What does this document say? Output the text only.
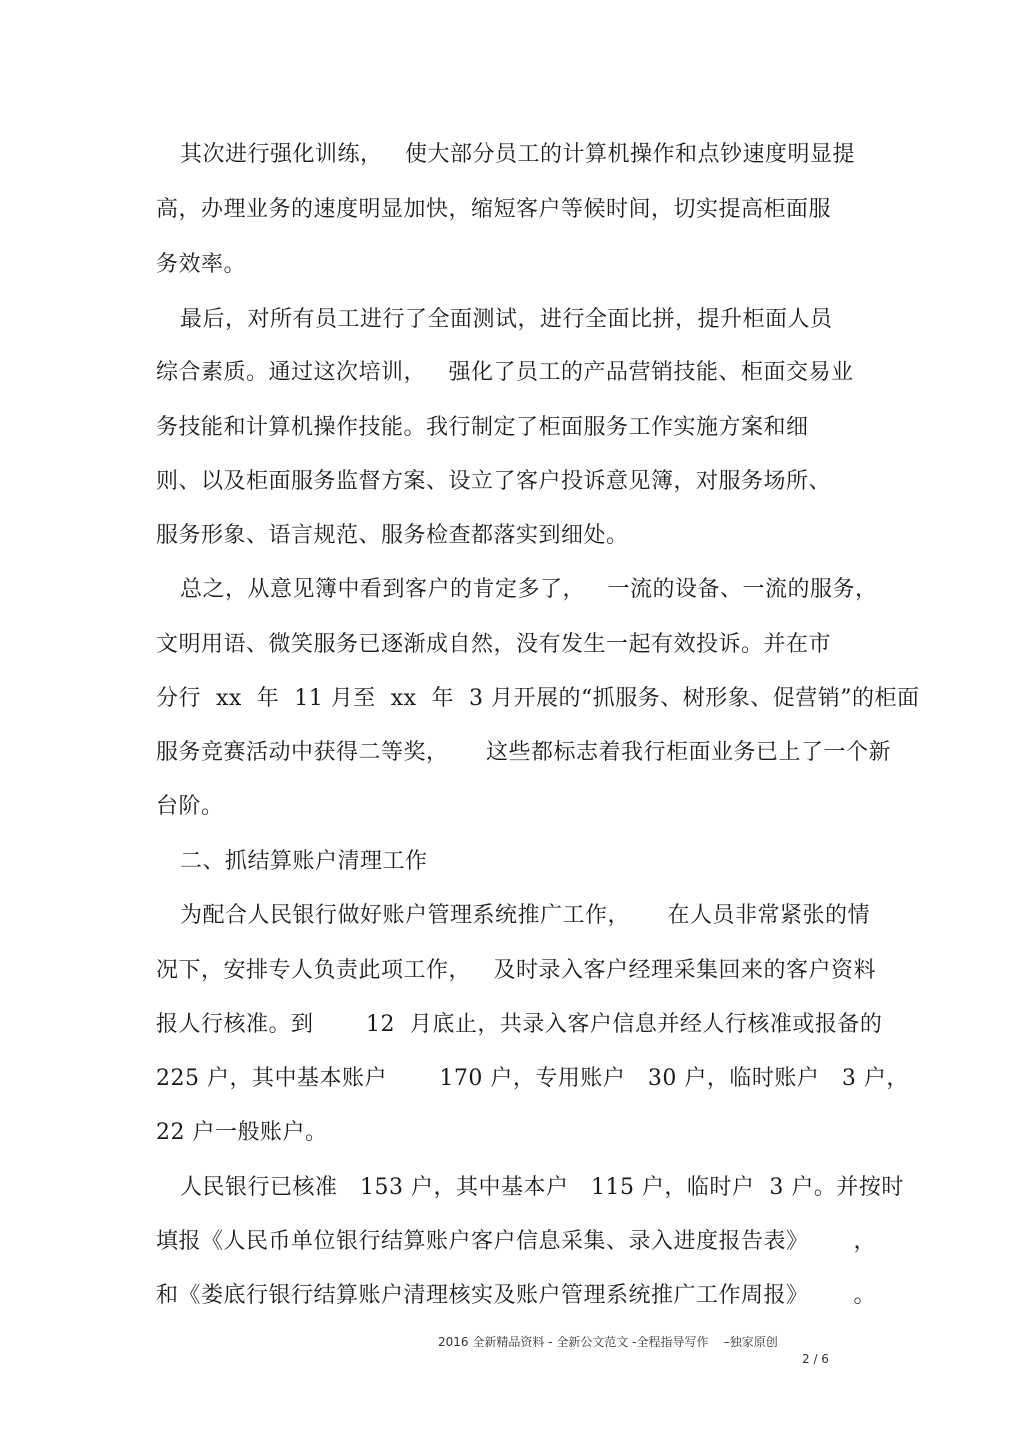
其次进行强化训练，   使大部分员工的计算机操作和点钞速度明显提
高，办理业务的速度明显加快，缩短客户等候时间，切实提高柜面服
务效率。
最后，对所有员工进行了全面测试，进行全面比拼，提升柜面人员
综合素质。通过这次培训，   强化了员工的产品营销技能、柜面交易业
务技能和计算机操作技能。我行制定了柜面服务工作实施方案和细
则、以及柜面服务监督方案、设立了客户投诉意见簿，对服务场所、
服务形象、语言规范、服务检查都落实到细处。
总之，从意见簿中看到客户的肯定多了，   一流的设备、一流的服务，
文明用语、微笑服务已逐渐成自然，没有发生一起有效投诉。并在市
分行  xx  年  11 月至  xx  年  3 月开展的“抓服务、树形象、促营销”的柜面
服务竞赛活动中获得二等奖，     这些都标志着我行柜面业务已上了一个新
台阶。
二、抓结算账户清理工作
为配合人民银行做好账户管理系统推广工作，     在人员非常紧张的情
况下，安排专人负责此项工作，   及时录入客户经理采集回来的客户资料
报人行核准。到       12  月底止，共录入客户信息并经人行核准或报备的
225 户，其中基本账户       170 户，专用账户   30 户，临时账户   3 户，
22 户一般账户。
人民银行已核准   153 户，其中基本户   115 户，临时户  3 户。并按时
填报《人民币单位银行结算账户客户信息采集、录入进度报告表》      ，
和《娄底行银行结算账户清理核实及账户管理系统推广工作周报》      。
2016 全新精品资料 - 全新公文范文 -全程指导写作    –独家原创
2 / 6
